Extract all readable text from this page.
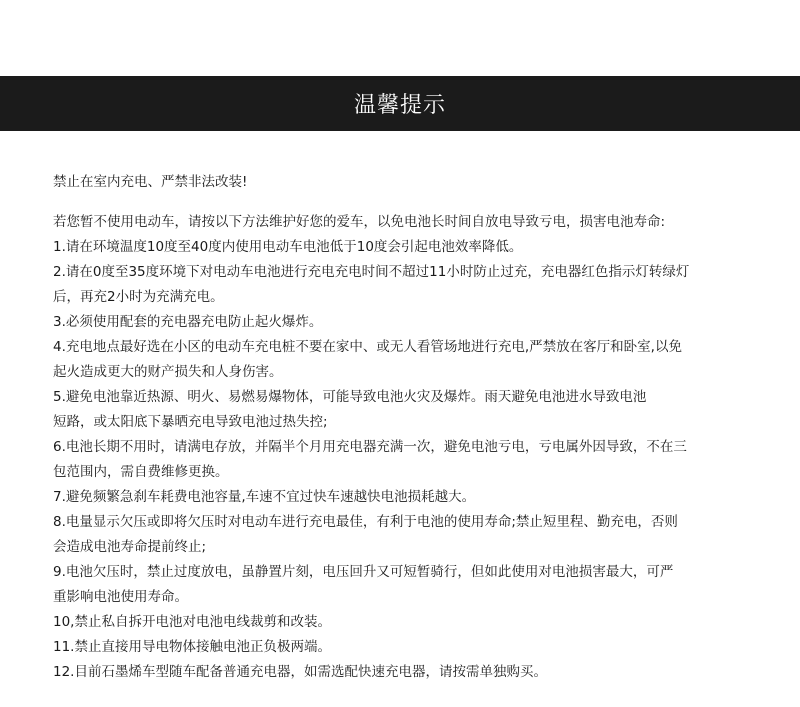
温馨提示

禁止在室内充电、严禁非法改装!

若您暂不使用电动车，请按以下方法维护好您的爱车，以免电池长时间自放电导致亏电，损害电池寿命:

1.请在环境温度10度至40度内使用电动车电池低于10度会引起电池效率降低。

2.请在0度至35度环境下对电动车电池进行充电充电时间不超过11小时防止过充，充电器红色指示灯转绿灯
后，再充2小时为充满充电。

3.必须使用配套的充电器充电防止起火爆炸。

4.充电地点最好选在小区的电动车充电桩不要在家中、或无人看管场地进行充电,严禁放在客厅和卧室,以免
起火造成更大的财产损失和人身伤害。

5.避免电池靠近热源、明火、易燃易爆物体，可能导致电池火灾及爆炸。雨天避免电池进水导致电池
短路，或太阳底下暴晒充电导致电池过热失控;

6.电池长期不用时，请满电存放，并隔半个月用充电器充满一次，避免电池亏电，亏电属外因导致，不在三
包范围内，需自费维修更换。

7.避免频繁急刹车耗费电池容量,车速不宜过快车速越快电池损耗越大。

8.电量显示欠压或即将欠压时对电动车进行充电最佳，有利于电池的使用寿命;禁止短里程、勤充电，否则
会造成电池寿命提前终止;

9.电池欠压时，禁止过度放电，虽静置片刻，电压回升又可短暂骑行，但如此使用对电池损害最大，可严
重影响电池使用寿命。

10,禁止私自拆开电池对电池电线裁剪和改装。

11.禁止直接用导电物体接触电池正负极两端。

12.目前石墨烯车型随车配备普通充电器，如需选配快速充电器，请按需单独购买。
